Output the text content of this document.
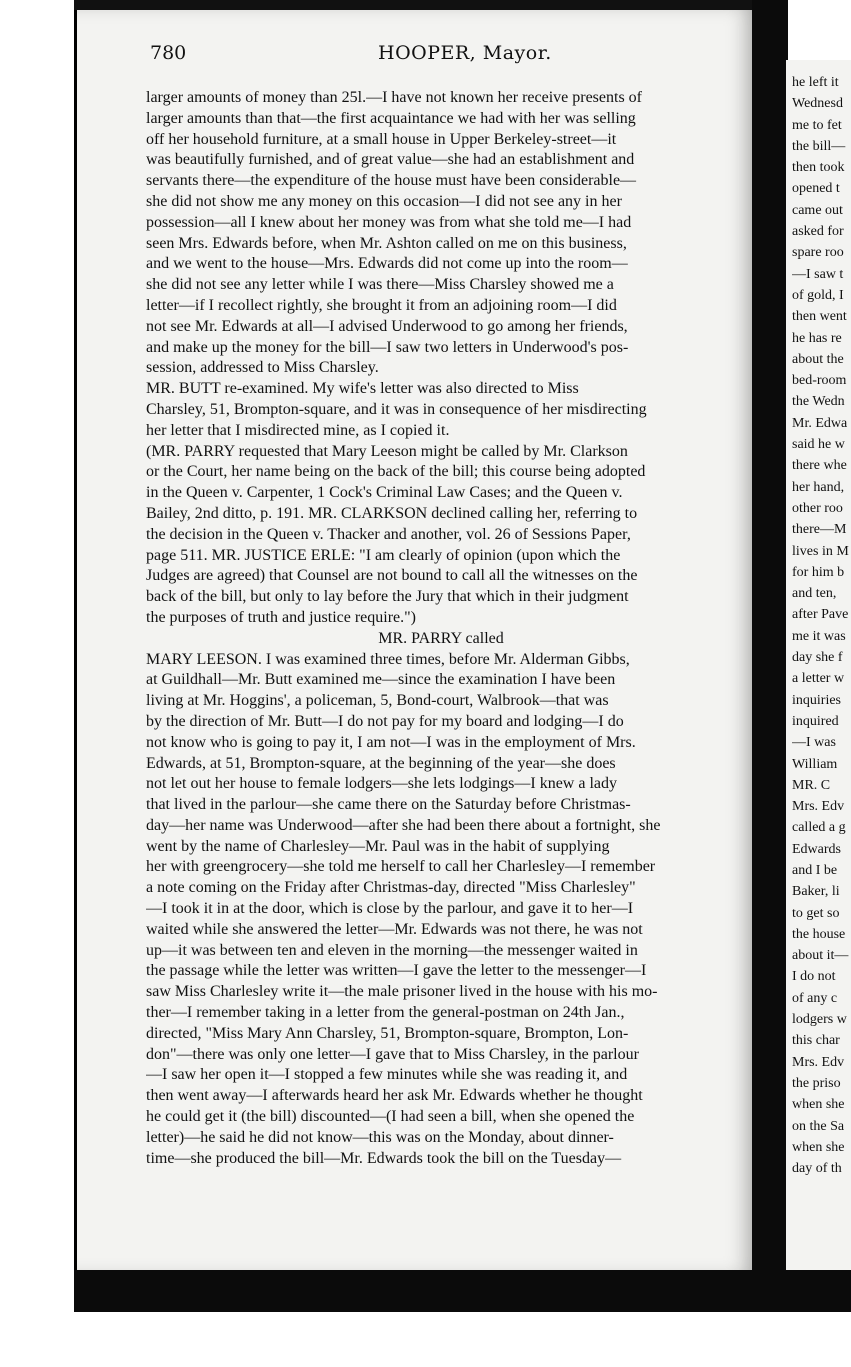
780	HOOPER, Mayor.
larger amounts of money than 25l.—I have not known her receive presents of
larger amounts than that—the first acquaintance we had with her was selling
off her household furniture, at a small house in Upper Berkeley-street—it
was beautifully furnished, and of great value—she had an establishment and
servants there—the expenditure of the house must have been considerable—
she did not show me any money on this occasion—I did not see any in her
possession—all I knew about her money was from what she told me—I had
seen Mrs. Edwards before, when Mr. Ashton called on me on this business,
and we went to the house—Mrs. Edwards did not come up into the room—
she did not see any letter while I was there—Miss Charsley showed me a
letter—if I recollect rightly, she brought it from an adjoining room—I did
not see Mr. Edwards at all—I advised Underwood to go among her friends,
and make up the money for the bill—I saw two letters in Underwood's pos-
session, addressed to Miss Charsley.
MR. BUTT re-examined. My wife's letter was also directed to Miss
Charsley, 51, Brompton-square, and it was in consequence of her misdirecting
her letter that I misdirected mine, as I copied it.
(MR. PARRY requested that Mary Leeson might be called by Mr. Clarkson
or the Court, her name being on the back of the bill; this course being adopted
in the Queen v. Carpenter, 1 Cock's Criminal Law Cases; and the Queen v.
Bailey, 2nd ditto, p. 191. MR. CLARKSON declined calling her, referring to
the decision in the Queen v. Thacker and another, vol. 26 of Sessions Paper,
page 511. MR. JUSTICE ERLE: "I am clearly of opinion (upon which the
Judges are agreed) that Counsel are not bound to call all the witnesses on the
back of the bill, but only to lay before the Jury that which in their judgment
the purposes of truth and justice require.")
MR. PARRY called
MARY LEESON. I was examined three times, before Mr. Alderman Gibbs,
at Guildhall—Mr. Butt examined me—since the examination I have been
living at Mr. Hoggins', a policeman, 5, Bond-court, Walbrook—that was
by the direction of Mr. Butt—I do not pay for my board and lodging—I do
not know who is going to pay it, I am not—I was in the employment of Mrs.
Edwards, at 51, Brompton-square, at the beginning of the year—she does
not let out her house to female lodgers—she lets lodgings—I knew a lady
that lived in the parlour—she came there on the Saturday before Christmas-
day—her name was Underwood—after she had been there about a fortnight, she
went by the name of Charlesley—Mr. Paul was in the habit of supplying
her with greengrocery—she told me herself to call her Charlesley—I remember
a note coming on the Friday after Christmas-day, directed "Miss Charlesley"
—I took it in at the door, which is close by the parlour, and gave it to her—I
waited while she answered the letter—Mr. Edwards was not there, he was not
up—it was between ten and eleven in the morning—the messenger waited in
the passage while the letter was written—I gave the letter to the messenger—I
saw Miss Charlesley write it—the male prisoner lived in the house with his mo-
ther—I remember taking in a letter from the general-postman on 24th Jan.,
directed, "Miss Mary Ann Charsley, 51, Brompton-square, Brompton, Lon-
don"—there was only one letter—I gave that to Miss Charsley, in the parlour
—I saw her open it—I stopped a few minutes while she was reading it, and
then went away—I afterwards heard her ask Mr. Edwards whether he thought
he could get it (the bill) discounted—(I had seen a bill, when she opened the
letter)—he said he did not know—this was on the Monday, about dinner-
time—she produced the bill—Mr. Edwards took the bill on the Tuesday—
he left it
Wednesd
me to fet
the bill—
then took
opened t
came out
asked for
spare roo
—I saw t
of gold, I
then went
he has re
about the
bed-room
the Wedn
Mr. Edwa
said he w
there whe
her hand,
other roo
there—M
lives in M
for him b
and ten,
after Pave
me it was
day she f
a letter w
inquiries
inquired
—I was
William
MR. C
Mrs. Edv
called a g
Edwards
and I be
Baker, li
to get so
the house
about it—
I do not
of any c
lodgers w
this char
Mrs. Edv
the priso
when she
on the Sa
when she
day of th
